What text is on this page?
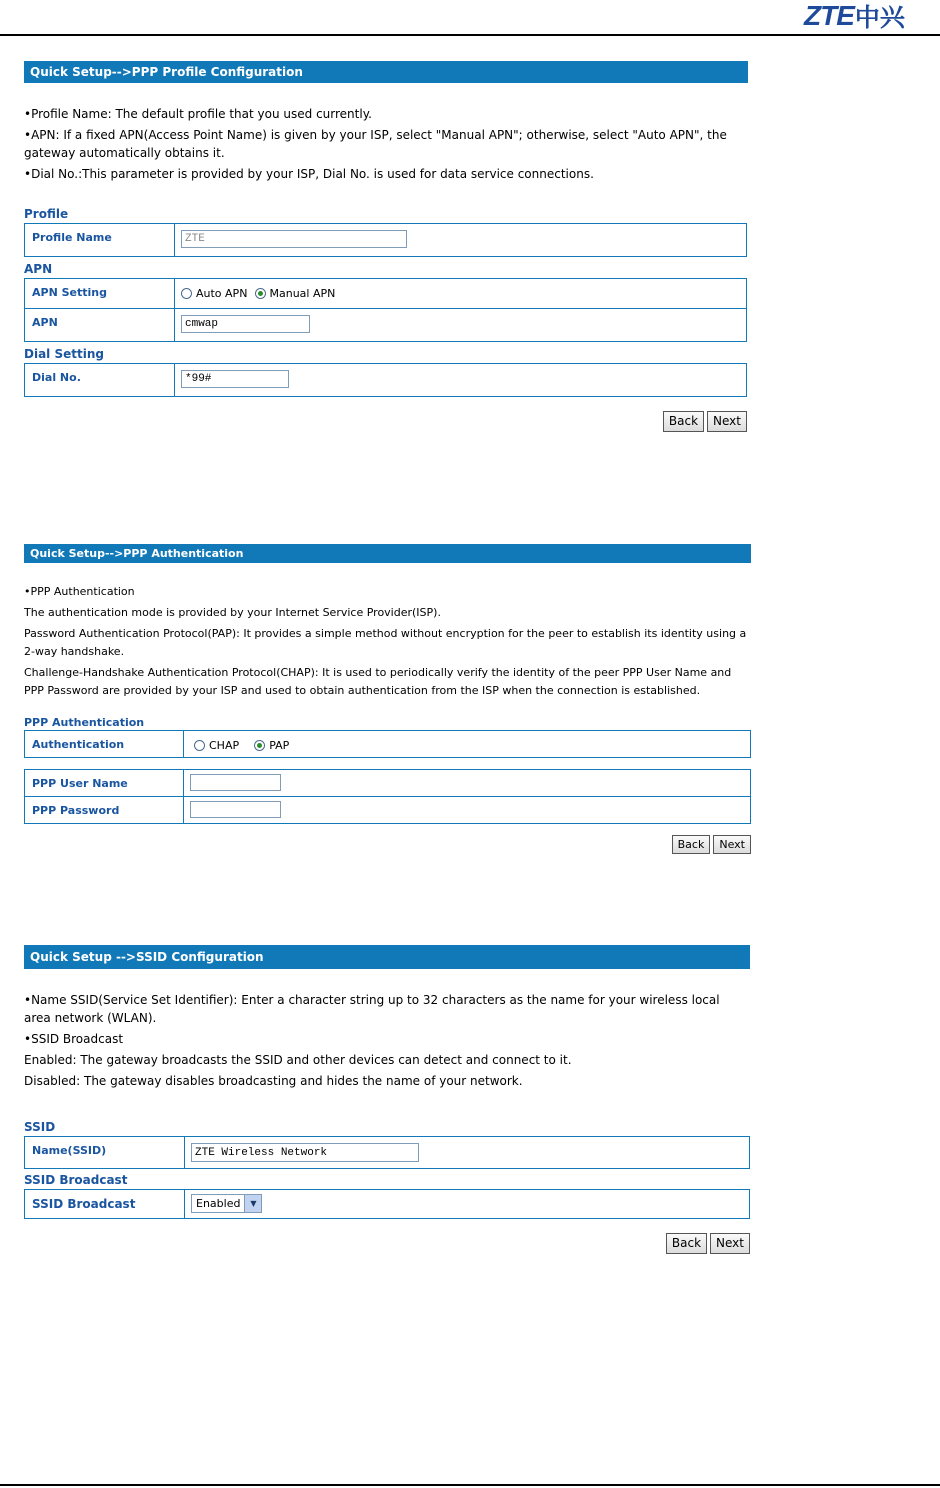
ZTE 中兴
Quick Setup-->PPP Profile Configuration

•Profile Name: The default profile that you used currently.

•APN: If a fixed APN(Access Point Name) is given by your ISP, select "Manual APN"; otherwise, select "Auto APN", the gateway automatically obtains it.

•Dial No.:This parameter is provided by your ISP, Dial No. is used for data service connections.

Profile
Profile Name	ZTE
APN
APN Setting	Auto APN
Manual APN

APN	cmwap
Dial Setting
Dial No.	*99#
Back	Next
Quick Setup-->PPP Authentication

•PPP Authentication

The authentication mode is provided by your Internet Service Provider(ISP).

Password Authentication Protocol(PAP): It provides a simple method without encryption for the peer to establish its identity using a 2-way handshake.

Challenge-Handshake Authentication Protocol(CHAP): It is used to periodically verify the identity of the peer PPP User Name and PPP Password are provided by your ISP and used to obtain authentication from the ISP when the connection is established.

PPP Authentication
Authentication	CHAP
	PAP
PPP User Name	
PPP Password	
Back	Next
Quick Setup -->SSID Configuration

•Name SSID(Service Set Identifier): Enter a character string up to 32 characters as the name for your wireless local area network (WLAN).

•SSID Broadcast

Enabled: The gateway broadcasts the SSID and other devices can detect and connect to it.

Disabled: The gateway disables broadcasting and hides the name of your network.

SSID
Name(SSID)	ZTE Wireless Network
SSID Broadcast
SSID Broadcast	Enabled	▼
Back	Next
